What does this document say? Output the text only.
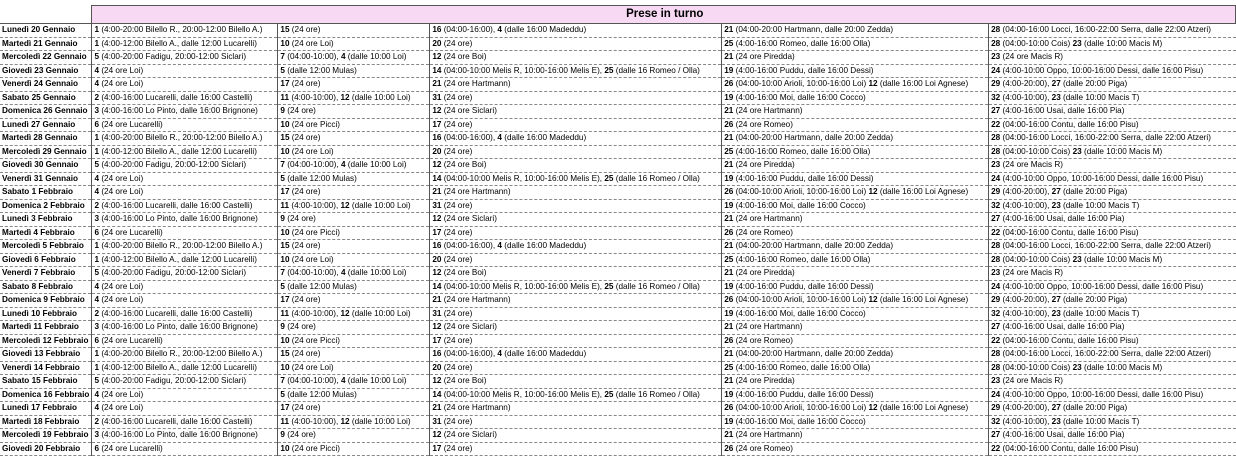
	Prese in turno				
Lunedì 20 Gennaio	1 (4:00-20:00 Bilello R., 20:00-12:00 Bilello A.)	15 (24 ore)	16 (04:00-16:00), 4 (dalle 16:00 Madeddu)	21 (04:00-20:00 Hartmann, dalle 20:00 Zedda)	28 (04:00-16:00 Locci, 16:00-22:00 Serra, dalle 22:00 Atzeri)
Martedì 21 Gennaio	1 (4:00-12:00 Bilello A., dalle 12:00 Lucarelli)	10 (24 ore Loi)	20 (24 ore)	25 (4:00-16:00 Romeo, dalle 16:00 Olla)	28 (04:00-10:00 Cois) 23 (dalle 10:00 Macis M)
Mercoledì 22 Gennaio	5 (4:00-20:00 Fadigu, 20:00-12:00 Siclari)	7 (04:00-10:00), 4 (dalle 10:00 Loi)	12 (24 ore Boi)	21 (24 ore Piredda)	23 (24 ore Macis R)
Giovedì 23 Gennaio	4 (24 ore Loi)	5 (dalle 12:00 Mulas)	14 (04:00-10:00 Melis R, 10:00-16:00 Melis E), 25 (dalle 16 Romeo / Olla)	19 (4:00-16:00 Puddu, dalle 16:00 Dessi)	24 (4:00-10:00 Oppo, 10:00-16:00 Dessi, dalle 16:00 Pisu)
Venerdì 24 Gennaio	4 (24 ore Loi)	17 (24 ore)	21 (24 ore Hartmann)	26 (04:00-10:00 Arioli, 10:00-16:00 Loi) 12 (dalle 16:00 Loi Agnese)	29 (4:00-20:00), 27 (dalle 20:00 Piga)
Sabato 25 Gennaio	2 (4:00-16:00 Lucarelli, dalle 16:00 Castelli)	11 (4:00-10:00), 12 (dalle 10:00 Loi)	31 (24 ore)	19 (4:00-16:00 Moi, dalle 16:00 Cocco)	32 (4:00-10:00), 23 (dalle 10:00 Macis T)
Domenica 26 Gennaio	3 (4:00-16:00 Lo Pinto, dalle 16:00 Brignone)	9 (24 ore)	12 (24 ore Siclari)	21 (24 ore Hartmann)	27 (4:00-16:00 Usai, dalle 16:00 Pia)
Lunedì 27 Gennaio	6 (24 ore Lucarelli)	10 (24 ore Picci)	17 (24 ore)	26 (24 ore Romeo)	22 (04:00-16:00 Contu, dalle 16:00 Pisu)
Martedì 28 Gennaio	1 (4:00-20:00 Bilello R., 20:00-12:00 Bilello A.)	15 (24 ore)	16 (04:00-16:00), 4 (dalle 16:00 Madeddu)	21 (04:00-20:00 Hartmann, dalle 20:00 Zedda)	28 (04:00-16:00 Locci, 16:00-22:00 Serra, dalle 22:00 Atzeri)
Mercoledì 29 Gennaio	1 (4:00-12:00 Bilello A., dalle 12:00 Lucarelli)	10 (24 ore Loi)	20 (24 ore)	25 (4:00-16:00 Romeo, dalle 16:00 Olla)	28 (04:00-10:00 Cois) 23 (dalle 10:00 Macis M)
Giovedì 30 Gennaio	5 (4:00-20:00 Fadigu, 20:00-12:00 Siclari)	7 (04:00-10:00), 4 (dalle 10:00 Loi)	12 (24 ore Boi)	21 (24 ore Piredda)	23 (24 ore Macis R)
Venerdì 31 Gennaio	4 (24 ore Loi)	5 (dalle 12:00 Mulas)	14 (04:00-10:00 Melis R, 10:00-16:00 Melis E), 25 (dalle 16 Romeo / Olla)	19 (4:00-16:00 Puddu, dalle 16:00 Dessi)	24 (4:00-10:00 Oppo, 10:00-16:00 Dessi, dalle 16:00 Pisu)
Sabato 1 Febbraio	4 (24 ore Loi)	17 (24 ore)	21 (24 ore Hartmann)	26 (04:00-10:00 Arioli, 10:00-16:00 Loi) 12 (dalle 16:00 Loi Agnese)	29 (4:00-20:00), 27 (dalle 20:00 Piga)
Domenica 2 Febbraio	2 (4:00-16:00 Lucarelli, dalle 16:00 Castelli)	11 (4:00-10:00), 12 (dalle 10:00 Loi)	31 (24 ore)	19 (4:00-16:00 Moi, dalle 16:00 Cocco)	32 (4:00-10:00), 23 (dalle 10:00 Macis T)
Lunedì 3 Febbraio	3 (4:00-16:00 Lo Pinto, dalle 16:00 Brignone)	9 (24 ore)	12 (24 ore Siclari)	21 (24 ore Hartmann)	27 (4:00-16:00 Usai, dalle 16:00 Pia)
Martedì 4 Febbraio	6 (24 ore Lucarelli)	10 (24 ore Picci)	17 (24 ore)	26 (24 ore Romeo)	22 (04:00-16:00 Contu, dalle 16:00 Pisu)
Mercoledì 5 Febbraio	1 (4:00-20:00 Bilello R., 20:00-12:00 Bilello A.)	15 (24 ore)	16 (04:00-16:00), 4 (dalle 16:00 Madeddu)	21 (04:00-20:00 Hartmann, dalle 20:00 Zedda)	28 (04:00-16:00 Locci, 16:00-22:00 Serra, dalle 22:00 Atzeri)
Giovedì 6 Febbraio	1 (4:00-12:00 Bilello A., dalle 12:00 Lucarelli)	10 (24 ore Loi)	20 (24 ore)	25 (4:00-16:00 Romeo, dalle 16:00 Olla)	28 (04:00-10:00 Cois) 23 (dalle 10:00 Macis M)
Venerdì 7 Febbraio	5 (4:00-20:00 Fadigu, 20:00-12:00 Siclari)	7 (04:00-10:00), 4 (dalle 10:00 Loi)	12 (24 ore Boi)	21 (24 ore Piredda)	23 (24 ore Macis R)
Sabato 8 Febbraio	4 (24 ore Loi)	5 (dalle 12:00 Mulas)	14 (04:00-10:00 Melis R, 10:00-16:00 Melis E), 25 (dalle 16 Romeo / Olla)	19 (4:00-16:00 Puddu, dalle 16:00 Dessi)	24 (4:00-10:00 Oppo, 10:00-16:00 Dessi, dalle 16:00 Pisu)
Domenica 9 Febbraio	4 (24 ore Loi)	17 (24 ore)	21 (24 ore Hartmann)	26 (04:00-10:00 Arioli, 10:00-16:00 Loi) 12 (dalle 16:00 Loi Agnese)	29 (4:00-20:00), 27 (dalle 20:00 Piga)
Lunedì 10 Febbraio	2 (4:00-16:00 Lucarelli, dalle 16:00 Castelli)	11 (4:00-10:00), 12 (dalle 10:00 Loi)	31 (24 ore)	19 (4:00-16:00 Moi, dalle 16:00 Cocco)	32 (4:00-10:00), 23 (dalle 10:00 Macis T)
Martedì 11 Febbraio	3 (4:00-16:00 Lo Pinto, dalle 16:00 Brignone)	9 (24 ore)	12 (24 ore Siclari)	21 (24 ore Hartmann)	27 (4:00-16:00 Usai, dalle 16:00 Pia)
Mercoledì 12 Febbraio	6 (24 ore Lucarelli)	10 (24 ore Picci)	17 (24 ore)	26 (24 ore Romeo)	22 (04:00-16:00 Contu, dalle 16:00 Pisu)
Giovedì 13 Febbraio	1 (4:00-20:00 Bilello R., 20:00-12:00 Bilello A.)	15 (24 ore)	16 (04:00-16:00), 4 (dalle 16:00 Madeddu)	21 (04:00-20:00 Hartmann, dalle 20:00 Zedda)	28 (04:00-16:00 Locci, 16:00-22:00 Serra, dalle 22:00 Atzeri)
Venerdì 14 Febbraio	1 (4:00-12:00 Bilello A., dalle 12:00 Lucarelli)	10 (24 ore Loi)	20 (24 ore)	25 (4:00-16:00 Romeo, dalle 16:00 Olla)	28 (04:00-10:00 Cois) 23 (dalle 10:00 Macis M)
Sabato 15 Febbraio	5 (4:00-20:00 Fadigu, 20:00-12:00 Siclari)	7 (04:00-10:00), 4 (dalle 10:00 Loi)	12 (24 ore Boi)	21 (24 ore Piredda)	23 (24 ore Macis R)
Domenica 16 Febbraio	4 (24 ore Loi)	5 (dalle 12:00 Mulas)	14 (04:00-10:00 Melis R, 10:00-16:00 Melis E), 25 (dalle 16 Romeo / Olla)	19 (4:00-16:00 Puddu, dalle 16:00 Dessi)	24 (4:00-10:00 Oppo, 10:00-16:00 Dessi, dalle 16:00 Pisu)
Lunedì 17 Febbraio	4 (24 ore Loi)	17 (24 ore)	21 (24 ore Hartmann)	26 (04:00-10:00 Arioli, 10:00-16:00 Loi) 12 (dalle 16:00 Loi Agnese)	29 (4:00-20:00), 27 (dalle 20:00 Piga)
Martedì 18 Febbraio	2 (4:00-16:00 Lucarelli, dalle 16:00 Castelli)	11 (4:00-10:00), 12 (dalle 10:00 Loi)	31 (24 ore)	19 (4:00-16:00 Moi, dalle 16:00 Cocco)	32 (4:00-10:00), 23 (dalle 10:00 Macis T)
Mercoledì 19 Febbraio	3 (4:00-16:00 Lo Pinto, dalle 16:00 Brignone)	9 (24 ore)	12 (24 ore Siclari)	21 (24 ore Hartmann)	27 (4:00-16:00 Usai, dalle 16:00 Pia)
Giovedì 20 Febbraio	6 (24 ore Lucarelli)	10 (24 ore Picci)	17 (24 ore)	26 (24 ore Romeo)	22 (04:00-16:00 Contu, dalle 16:00 Pisu)
